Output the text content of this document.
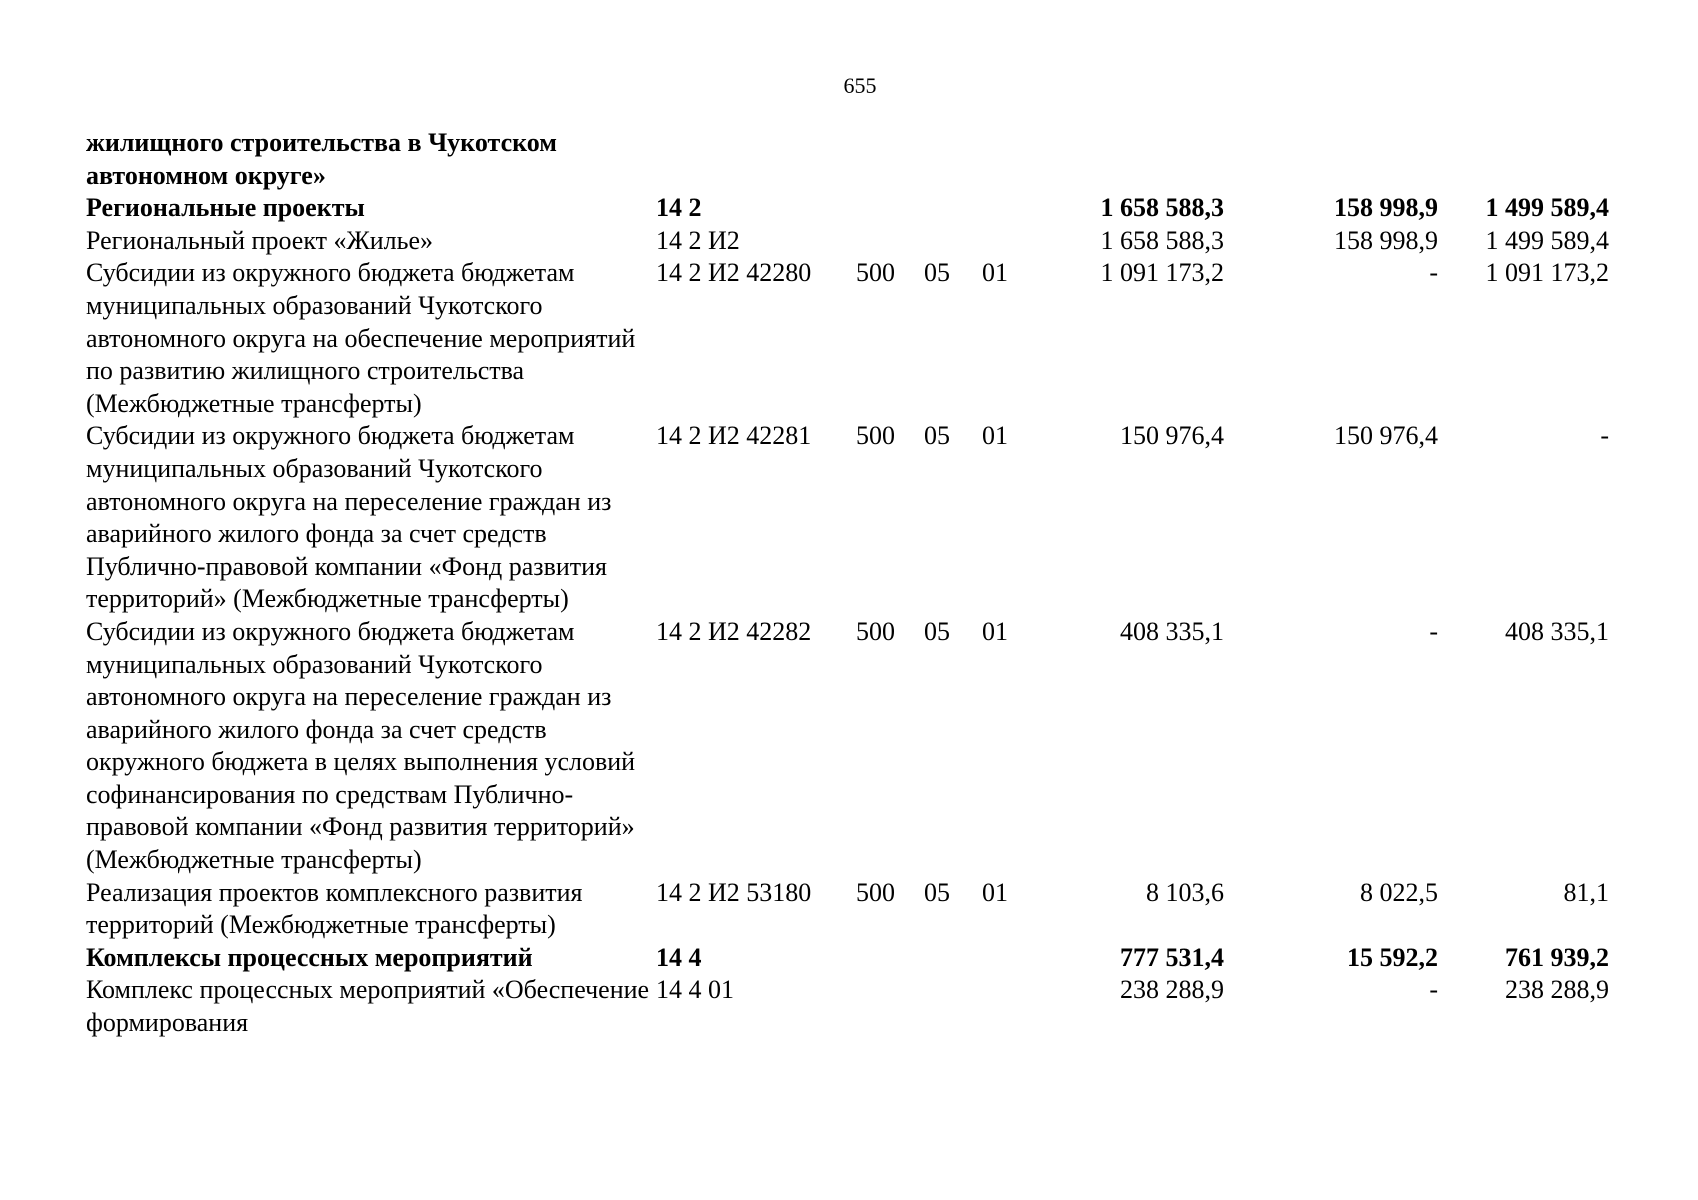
655
жилищного строительства в Чукотском автономном округе»							
Региональные проекты	14 2				1 658 588,3	158 998,9	1 499 589,4
Региональный проект «Жилье»	14 2 И2				1 658 588,3	158 998,9	1 499 589,4
Субсидии из окружного бюджета бюджетам муниципальных образований Чукотского автономного округа на обеспечение мероприятий по развитию жилищного строительства (Межбюджетные трансферты)	14 2 И2 42280	500	05	01	1 091 173,2	-	1 091 173,2
Субсидии из окружного бюджета бюджетам муниципальных образований Чукотского автономного округа на переселение граждан из аварийного жилого фонда за счет средств Публично-правовой компании «Фонд развития территорий» (Межбюджетные трансферты)	14 2 И2 42281	500	05	01	150 976,4	150 976,4	-
Субсидии из окружного бюджета бюджетам муниципальных образований Чукотского автономного округа на переселение граждан из аварийного жилого фонда за счет средств окружного бюджета в целях выполнения условий софинансирования по средствам Публично-правовой компании «Фонд развития территорий» (Межбюджетные трансферты)	14 2 И2 42282	500	05	01	408 335,1	-	408 335,1
Реализация проектов комплексного развития территорий (Межбюджетные трансферты)	14 2 И2 53180	500	05	01	8 103,6	8 022,5	81,1
Комплексы процессных мероприятий	14 4				777 531,4	15 592,2	761 939,2
Комплекс процессных мероприятий «Обеспечение формирования	14 4 01				238 288,9	-	238 288,9
